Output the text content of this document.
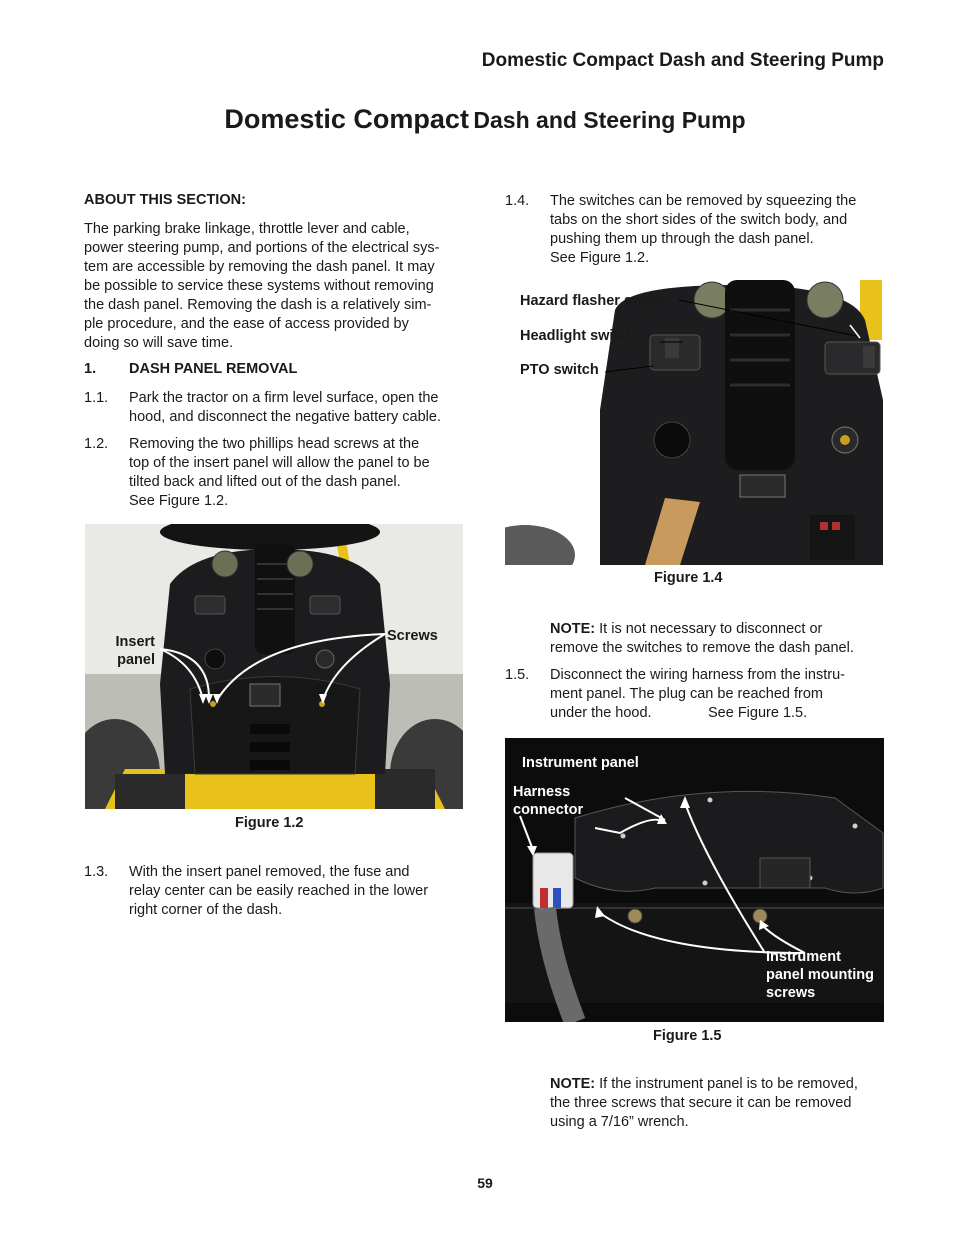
Domestic Compact Dash and Steering Pump
Domestic Compact Dash and Steering Pump
ABOUT THIS SECTION:

The parking brake linkage, throttle lever and cable,

power steering pump, and portions of the electrical sys-

tem are accessible by removing the dash panel. It may

be possible to service these systems without removing

the dash panel. Removing the dash is a relatively sim-

ple procedure, and the ease of access provided by

doing so will save time.

1. DASH PANEL REMOVAL
1.1. Park the tractor on a firm level surface, open the

hood, and disconnect the negative battery cable.

1.2. Removing the two phillips head screws at the

top of the insert panel will allow the panel to be

tilted back and lifted out of the dash panel.

See Figure 1.2.

Insert
panel
Screws
Figure 1.2
1.3. With the insert panel removed, the fuse and

relay center can be easily reached in the lower

right corner of the dash.

1.4. The switches can be removed by squeezing the

tabs on the short sides of the switch body, and

pushing them up through the dash panel.

See Figure 1.2.

Hazard flasher switch
Headlight switch
PTO switch
Figure 1.4
NOTE: It is not necessary to disconnect or
remove the switches to remove the dash panel.
1.5. Disconnect the wiring harness from the instru-

ment panel. The plug can be reached from

under the hood.              See Figure 1.5.

Instrument panel
Harness
connector
Instrument
panel mounting
screws
Figure 1.5
NOTE: If the instrument panel is to be removed,
the three screws that secure it can be removed
using a 7/16” wrench.
59
